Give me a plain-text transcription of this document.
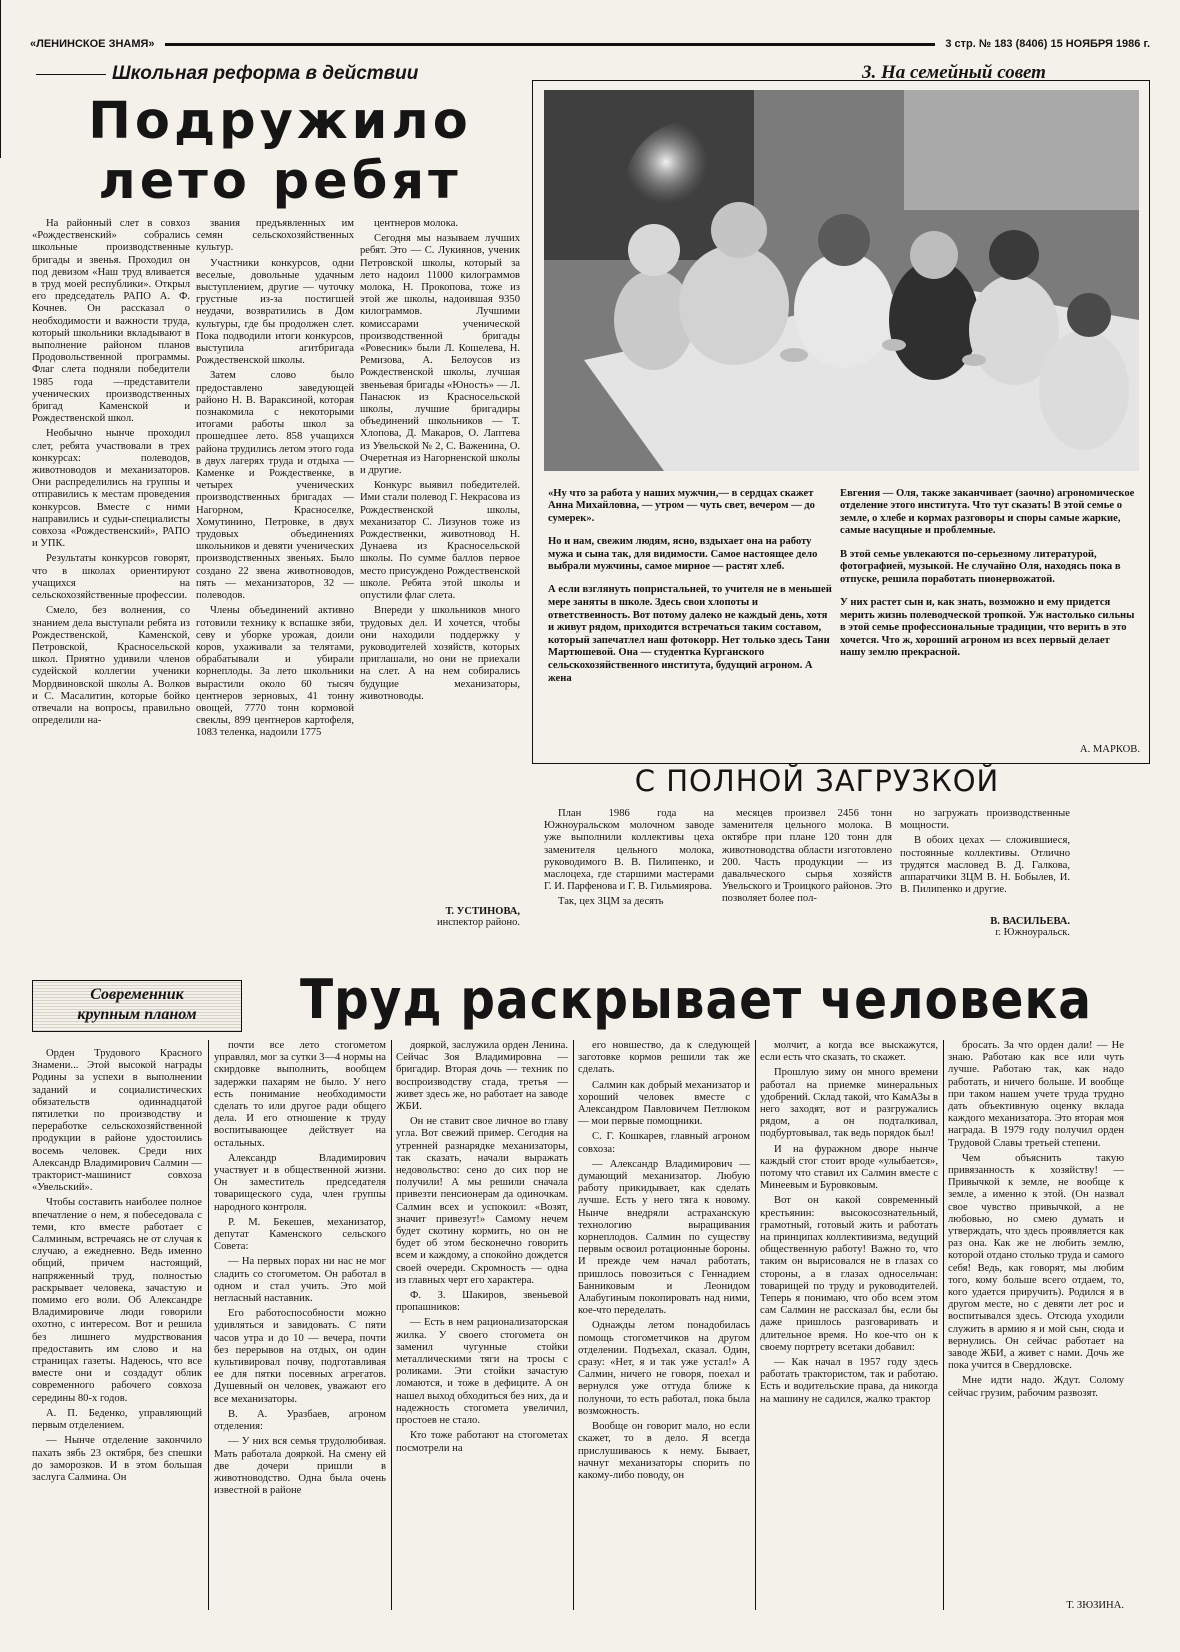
«ЛЕНИНСКОЕ ЗНАМЯ»	3 стр. № 183 (8406) 15 НОЯБРЯ 1986 г.
Школьная реформа в действии	3. На семейный совет
Подружило
лето ребят

На районный слет в совхоз «Рождественский» собрались школьные производственные бригады и звенья. Проходил он под девизом «Наш труд вливается в труд моей республики». Открыл его председатель РАПО А. Ф. Кочнев. Он рассказал о необходимости и важности труда, который школьники вкладывают в выполнение районом планов Продовольственной программы. Флаг слета подняли победители 1985 года —представители ученических производственных бригад Каменской и Рождественской школ.

Необычно нынче проходил слет, ребята участвовали в трех конкурсах: полеводов, животноводов и механизаторов. Они распределились на группы и отправились к местам проведения конкурсов. Вместе с ними направились и судьи-специалисты совхоза «Рождественский», РАПО и УПК.

Результаты конкурсов говорят, что в школах ориентируют учащихся на сельскохозяйственные профессии.

Смело, без волнения, со знанием дела выступали ребята из Рождественской, Каменской, Петровской, Красносельской школ. Приятно удивили членов судейской коллегии ученики Мордвиновской школы А. Волков и С. Масалитин, которые бойко отвечали на вопросы, правильно определили на-

звания предъявленных им семян сельскохозяйственных культур.

Участники конкурсов, одни веселые, довольные удачным выступлением, другие — чуточку грустные из-за постигшей неудачи, возвратились в Дом культуры, где бы продолжен слет. Пока подводили итоги конкурсов, выступила агитбригада Рождественской школы.

Затем слово было предоставлено заведующей районо Н. В. Вараксиной, которая познакомила с некоторыми итогами работы школ за прошедшее лето. 858 учащихся района трудились летом этого года в двух лагерях труда и отдыха — Каменке и Рождественке, в четырех ученических производственных бригадах — Нагорном, Красноселке, Хомутинино, Петровке, в двух трудовых объединениях школьников и девяти ученических производственных звеньях. Было создано 22 звена животноводов, пять — механизаторов, 32 — полеводов.

Члены объединений активно готовили технику к вспашке зяби, севу и уборке урожая, доили коров, ухаживали за телятами, обрабатывали и убирали корнеплоды. За лето школьники вырастили около 60 тысяч центнеров зерновых, 41 тонну овощей, 7770 тонн кормовой свеклы, 899 центнеров картофеля, 1083 теленка, надоили 1775

центнеров молока.

Сегодня мы называем лучших ребят. Это — С. Лукиянов, ученик Петровской школы, который за лето надоил 11000 килограммов молока, Н. Прокопова, тоже из этой же школы, надоившая 9350 килограммов. Лучшими комиссарами ученической производственной бригады «Ровесник» были Л. Кошелева, Н. Ремизова, А. Белоусов из Рождественской школы, лучшая звеньевая бригады «Юность» — Л. Панасюк из Красносельской школы, лучшие бригадиры объединений школьников — Т. Хлопова, Д. Макаров, О. Лаптева из Увельской № 2, С. Важенина, О. Очеретная из Нагорненской школы и другие.

Конкурс выявил победителей. Ими стали полевод Г. Некрасова из Рождественской школы, механизатор С. Лизунов тоже из Рождественки, животновод Н. Дунаева из Красносельской школы. По сумме баллов первое место присуждено Рождественской школе. Ребята этой школы и опустили флаг слета.

Впереди у школьников много трудовых дел. И хочется, чтобы они находили поддержку у руководителей хозяйств, которых приглашали, но они не приехали на слет. А на нем собирались будущие механизаторы, животноводы.

Т. УСТИНОВА,
инспектор районо.

«Ну что за работа у наших мужчин,— в сердцах скажет Анна Михайловна, — утром — чуть свет, вечером — до сумерек».

Но и нам, свежим людям, ясно, вздыхает она на работу мужа и сына так, для видимости. Самое настоящее дело выбрали мужчины, самое мирное — растят хлеб.

А если взглянуть попристальней, то учителя не в меньшей мере заняты в школе. Здесь свои хлопоты и ответственность. Вот потому далеко не каждый день, хотя и живут рядом, приходится встречаться таким составом, который запечатлел наш фотокорр. Нет только здесь Тани Мартюшевой. Она — студентка Курганского сельскохозяйственного института, будущий агроном. А жена

Евгения — Оля, также заканчивает (заочно) агрономическое отделение этого института. Что тут сказать! В этой семье о земле, о хлебе и кормах разговоры и споры самые жаркие, самые насущные и проблемные.

В этой семье увлекаются по-серьезному литературой, фотографией, музыкой. Не случайно Оля, находясь пока в отпуске, решила поработать пионервожатой.

У них растет сын и, как знать, возможно и ему придется мерить жизнь полеводческой тропкой. Уж настолько сильны в этой семье профессиональные традиции, что верить в это хочется. Что ж, хороший агроном из всех первый делает нашу землю прекрасной.

А. МАРКОВ.
С ПОЛНОЙ ЗАГРУЗКОЙ

План 1986 года на Южноуральском молочном заводе уже выполнили коллективы цеха заменителя цельного молока, руководимого В. В. Пилипенко, и маслоцеха, где старшими мастерами Г. И. Парфенова и Г. В. Гильмиярова.

Так, цех ЗЦМ за десять

месяцев произвел 2456 тонн заменителя цельного молока. В октябре при плане 120 тонн для животноводства области изготовлено 200. Часть продукции — из давальческого сырья хозяйств Увельского и Троицкого районов. Это позволяет более пол-

но загружать производственные мощности.

В обоих цехах — сложившиеся, постоянные коллективы. Отлично трудятся масловед В. Д. Галкова, аппаратчики ЗЦМ В. Н. Бобылев, И. В. Пилипенко и другие.

В. ВАСИЛЬЕВА.
г. Южноуральск.
Современник
крупным планом	Труд раскрывает человека

Орден Трудового Красного Знамени... Этой высокой награды Родины за успехи в выполнении заданий и социалистических обязательств одиннадцатой пятилетки по производству и переработке сельскохозяйственной продукции в районе удостоились восемь человек. Среди них Александр Владимирович Салмин —тракторист-машинист совхоза «Увельский».

Чтобы составить наиболее полное впечатление о нем, я побеседовала с теми, кто вместе работает с Салминым, встречаясь не от случая к случаю, а ежедневно. Ведь именно общий, причем настоящий, напряженный труд, полностью раскрывает человека, зачастую и помимо его воли. Об Александре Владимировиче люди говорили охотно, с интересом. Вот и решила без лишнего мудрствования предоставить им слово и на страницах газеты. Надеюсь, что все вместе они и создадут облик современного рабочего совхоза середины 80-х годов.

А. П. Беденко, управляющий первым отделением.

— Нынче отделение закончило пахать зябь 23 октября, без спешки до заморозков. И в этом большая заслуга Салмина. Он

почти все лето стогометом управлял, мог за сутки 3—4 нормы на скирдовке выполнить, вообщем задержки пахарям не было. У него есть понимание необходимости сделать то или другое ради общего дела. И его отношение к труду воспитывающее действует на остальных.

Александр Владимирович участвует и в общественной жизни. Он заместитель председателя товарищеского суда, член группы народного контроля.

Р. М. Бекешев, механизатор, депутат Каменского сельского Совета:

— На первых порах ни нас не мог сладить со стогометом. Он работал в одном и стал учить. Это мой негласный наставник.

Его работоспособности можно удивляться и завидовать. С пяти часов утра и до 10 — вечера, почти без перерывов на отдых, он один культивировал почву, подготавливая ее для пятки посевных агрегатов. Душевный он человек, уважают его все механизаторы.

В. А. Уразбаев, агроном отделения:

— У них вся семья трудолюбивая. Мать работала дояркой. На смену ей две дочери пришли в животноводство. Одна была очень известной в районе

дояркой, заслужила орден Ленина. Сейчас Зоя Владимировна — бригадир. Вторая дочь — техник по воспроизводству стада, третья — живет здесь же, но работает на заводе ЖБИ.

Он не ставит свое личное во главу угла. Вот свежий пример. Сегодня на утренней разнарядке механизаторы, так сказать, начали выражать недовольство: сено до сих пор не получили! А мы решили сначала привезти пенсионерам да одиночкам. Салмин всех и успокоил: «Возят, значит привезут!» Самому нечем будет скотину кормить, но он не будет об этом бесконечно говорить всем и каждому, а спокойно дождется своей очереди. Скромность — одна из главных черт его характера.

Ф. З. Шакиров, звеньевой пропашников:

— Есть в нем рационализаторская жилка. У своего стогомета он заменил чугунные стойки металлическими тяги на тросы с роликами. Эти стойки зачастую ломаются, и тоже в дефиците. А он нашел выход обходиться без них, да и надежность стогомета увеличил, простоев не стало.

Кто тоже работают на стогометах посмотрели на

его новшество, да к следующей заготовке кормов решили так же сделать.

Салмин как добрый механизатор и хороший человек вместе с Александром Павловичем Петлюком — мои первые помощники.

С. Г. Кошкарев, главный агроном совхоза:

— Александр Владимирович — думающий механизатор. Любую работу прикидывает, как сделать лучше. Есть у него тяга к новому. Нынче внедряли астраханскую технологию выращивания корнеплодов. Салмин по существу первым освоил ротационные бороны. И прежде чем начал работать, пришлось повозиться с Геннадием Банниковым и Леонидом Алабугиным покопировать над ними, кое-что переделать.

Однажды летом понадобилась помощь стогометчиков на другом отделении. Подъехал, сказал. Один, сразу: «Нет, я и так уже устал!» А Салмин, ничего не говоря, поехал и вернулся уже оттуда ближе к полуночи, то есть работал, пока была возможность.

Вообще он говорит мало, но если скажет, то в дело. Я всегда прислушиваюсь к нему. Бывает, начнут механизаторы спорить по какому-либо поводу, он

молчит, а когда все выскажутся, если есть что сказать, то скажет.

Прошлую зиму он много времени работал на приемке минеральных удобрений. Склад такой, что КамАЗы в него заходят, вот и разгружались рядом, а он подталкивал, подбуртовывал, так ведь порядок был!

И на фуражном дворе нынче каждый стог стоит вроде «улыбается», потому что ставил их Салмин вместе с Минеевым и Буровковым.

Вот он какой современный крестьянин: высокосознательный, грамотный, готовый жить и работать на принципах коллективизма, ведущий общественную работу! Важно то, что таким он вырисовался не в глазах со стороны, а в глазах односельчан: товарищей по труду и руководителей. Теперь я понимаю, что обо всем этом сам Салмин не рассказал бы, если бы даже пришлось разговаривать и длительное время. Но кое-что он к своему портрету всетаки добавил:

— Как начал в 1957 году здесь работать трактористом, так и работаю. Есть и водительские права, да никогда на машину не садился, жалко трактор

бросать. За что орден дали! — Не знаю. Работаю как все или чуть лучше. Работаю так, как надо работать, и ничего больше. И вообще при таком нашем учете труда трудно дать объективную оценку вклада каждого механизатора. Это вторая моя награда. В 1979 году получил орден Трудовой Славы третьей степени.

Чем объяснить такую привязанность к хозяйству! — Привычкой к земле, не вообще к земле, а именно к этой. (Он назвал свое чувство привычкой, а не любовью, но смею думать и утверждать, что здесь проявляется как раз она. Как же не любить землю, которой отдано столько труда и самого себя! Ведь, как говорят, мы любим того, кому больше всего отдаем, то, кого удается приручить). Родился я в другом месте, но с девяти лет рос и воспитывался здесь. Отсюда уходили служить в армию я и мой сын, сюда и вернулись. Он сейчас работает на заводе ЖБИ, а живет с нами. Дочь же пока учится в Свердловске.

Мне идти надо. Ждут. Солому сейчас грузим, рабочим развозят.

Т. ЗЮЗИНА.
